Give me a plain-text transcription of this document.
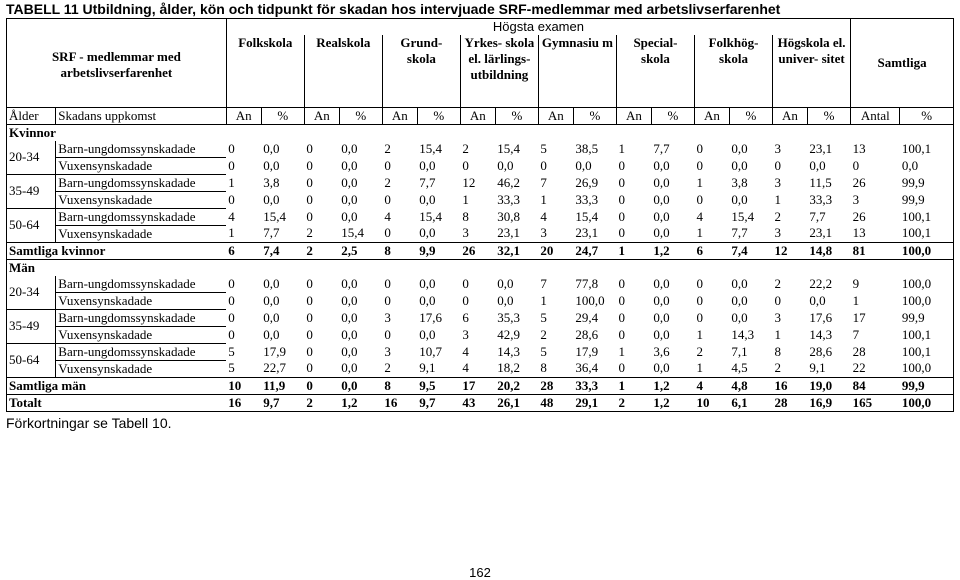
TABELL 11 Utbildning, ålder, kön och tidpunkt för skadan hos intervjuade SRF-medlemmar med arbetslivserfarenhet
SRF - medlemmar med arbetslivserfarenhet		Högsta examen																Samtliga	
		Folkskola		Realskola		Grund- skola		Yrkes- skola el. lärlings- utbildning		Gymnasiu m		Special- skola		Folkhög- skola		Högskola el. univer- sitet			
Ålder	Skadans uppkomst	An	%	An	%	An	%	An	%	An	%	An	%	An	%	An	%	Antal	%
Kvinnor																			
20-34	Barn-ungdomssynskadade	0	0,0	0	0,0	2	15,4	2	15,4	5	38,5	1	7,7	0	0,0	3	23,1	13	100,1
	Vuxensynskadade	0	0,0	0	0,0	0	0,0	0	0,0	0	0,0	0	0,0	0	0,0	0	0,0	0	0,0
35-49	Barn-ungdomssynskadade	1	3,8	0	0,0	2	7,7	12	46,2	7	26,9	0	0,0	1	3,8	3	11,5	26	99,9
	Vuxensynskadade	0	0,0	0	0,0	0	0,0	1	33,3	1	33,3	0	0,0	0	0,0	1	33,3	3	99,9
50-64	Barn-ungdomssynskadade	4	15,4	0	0,0	4	15,4	8	30,8	4	15,4	0	0,0	4	15,4	2	7,7	26	100,1
	Vuxensynskadade	1	7,7	2	15,4	0	0,0	3	23,1	3	23,1	0	0,0	1	7,7	3	23,1	13	100,1
Samtliga kvinnor		6	7,4	2	2,5	8	9,9	26	32,1	20	24,7	1	1,2	6	7,4	12	14,8	81	100,0
Män																			
20-34	Barn-ungdomssynskadade	0	0,0	0	0,0	0	0,0	0	0,0	7	77,8	0	0,0	0	0,0	2	22,2	9	100,0
	Vuxensynskadade	0	0,0	0	0,0	0	0,0	0	0,0	1	100,0	0	0,0	0	0,0	0	0,0	1	100,0
35-49	Barn-ungdomssynskadade	0	0,0	0	0,0	3	17,6	6	35,3	5	29,4	0	0,0	0	0,0	3	17,6	17	99,9
	Vuxensynskadade	0	0,0	0	0,0	0	0,0	3	42,9	2	28,6	0	0,0	1	14,3	1	14,3	7	100,1
50-64	Barn-ungdomssynskadade	5	17,9	0	0,0	3	10,7	4	14,3	5	17,9	1	3,6	2	7,1	8	28,6	28	100,1
	Vuxensynskadade	5	22,7	0	0,0	2	9,1	4	18,2	8	36,4	0	0,0	1	4,5	2	9,1	22	100,0
Samtliga män		10	11,9	0	0,0	8	9,5	17	20,2	28	33,3	1	1,2	4	4,8	16	19,0	84	99,9
Totalt		16	9,7	2	1,2	16	9,7	43	26,1	48	29,1	2	1,2	10	6,1	28	16,9	165	100,0
Förkortningar se Tabell 10.
162
